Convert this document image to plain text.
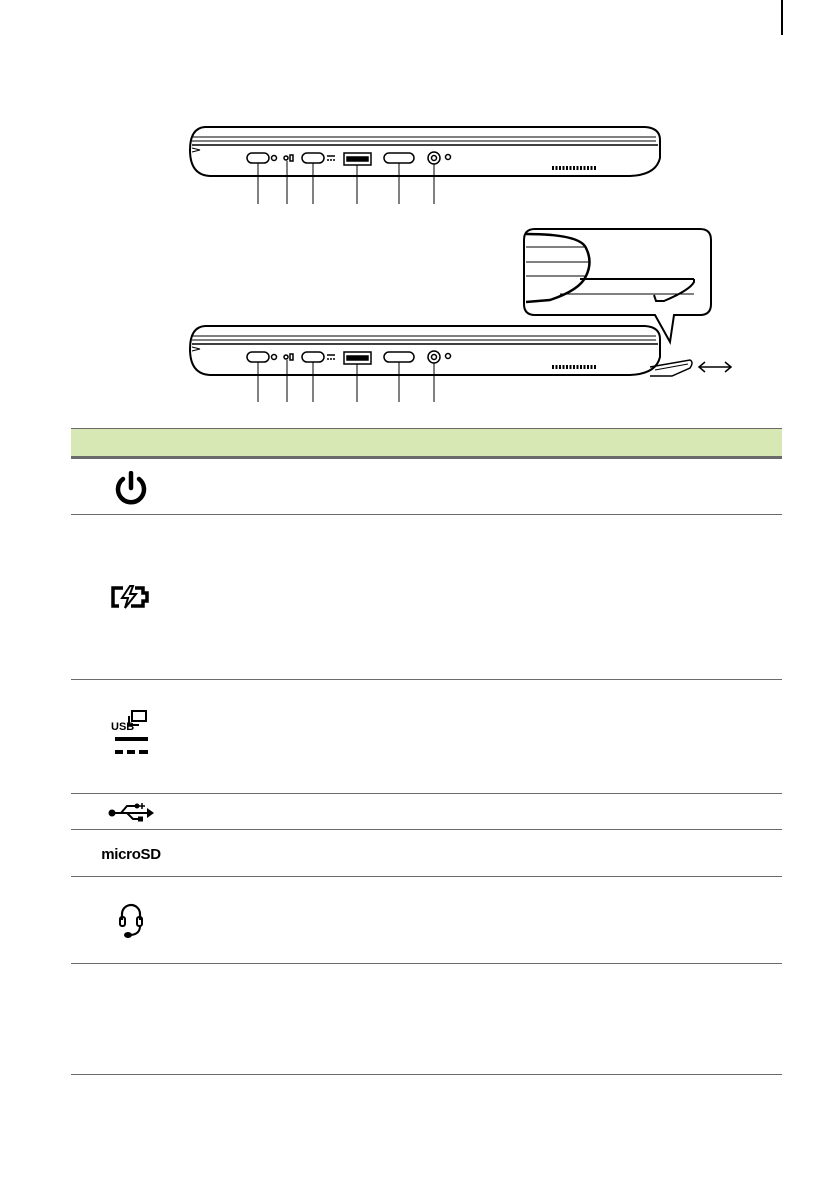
USB
microSD
